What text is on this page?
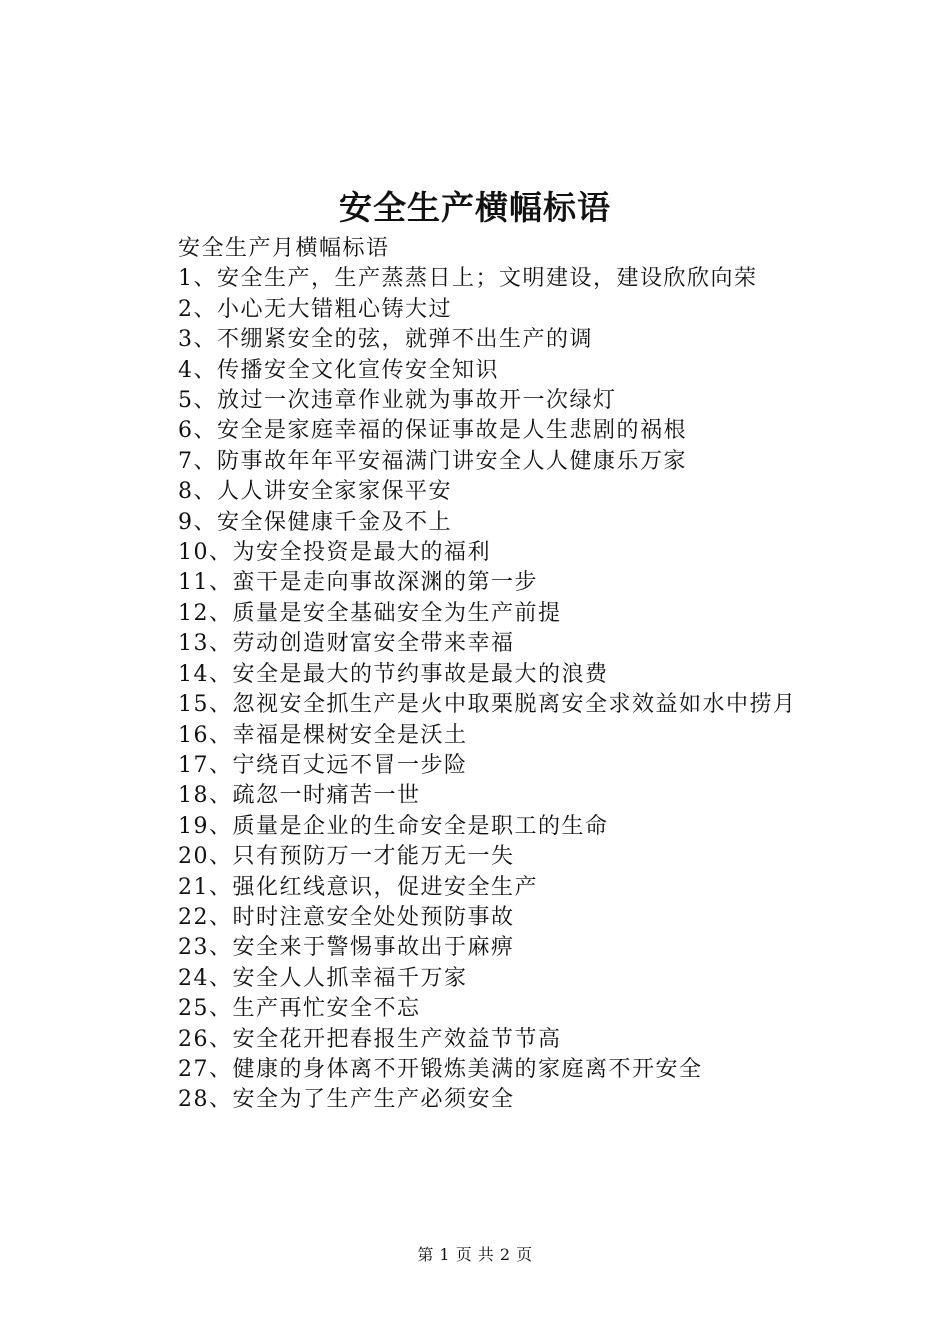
安全生产横幅标语

安全生产月横幅标语

1、安全生产，生产蒸蒸日上；文明建设，建设欣欣向荣

2、小心无大错粗心铸大过

3、不绷紧安全的弦，就弹不出生产的调

4、传播安全文化宣传安全知识

5、放过一次违章作业就为事故开一次绿灯

6、安全是家庭幸福的保证事故是人生悲剧的祸根

7、防事故年年平安福满门讲安全人人健康乐万家

8、人人讲安全家家保平安

9、安全保健康千金及不上

10、为安全投资是最大的福利

11、蛮干是走向事故深渊的第一步

12、质量是安全基础安全为生产前提

13、劳动创造财富安全带来幸福

14、安全是最大的节约事故是最大的浪费

15、忽视安全抓生产是火中取栗脱离安全求效益如水中捞月

16、幸福是棵树安全是沃土

17、宁绕百丈远不冒一步险

18、疏忽一时痛苦一世

19、质量是企业的生命安全是职工的生命

20、只有预防万一才能万无一失

21、强化红线意识，促进安全生产

22、时时注意安全处处预防事故

23、安全来于警惕事故出于麻痹

24、安全人人抓幸福千万家

25、生产再忙安全不忘

26、安全花开把春报生产效益节节高

27、健康的身体离不开锻炼美满的家庭离不开安全

28、安全为了生产生产必须安全

第 1 页 共 2 页
